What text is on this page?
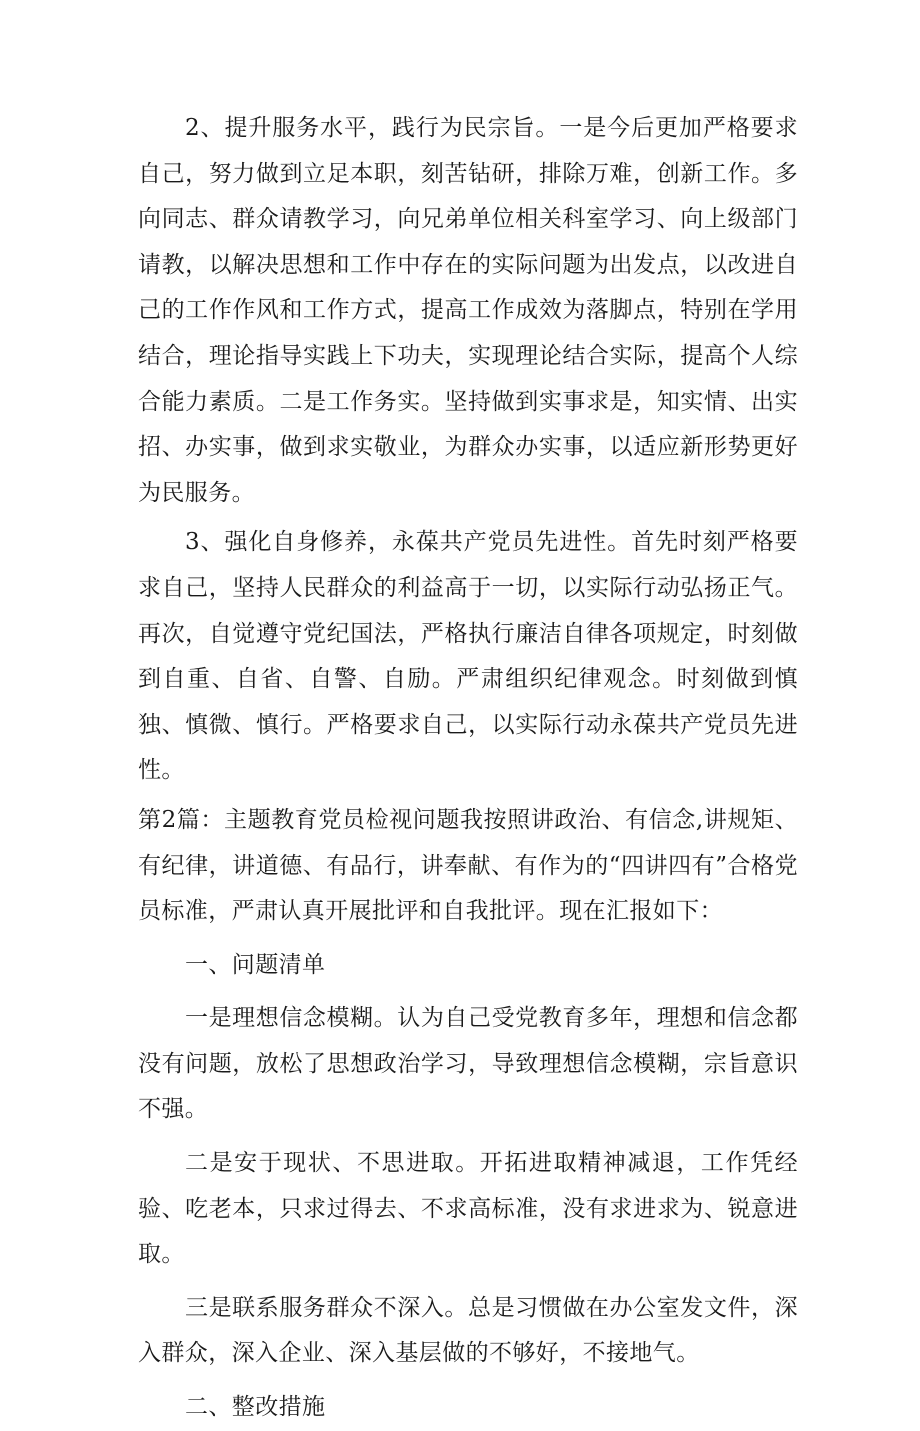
2、提升服务水平，践行为民宗旨。一是今后更加严格要求自己，努力做到立足本职，刻苦钻研，排除万难，创新工作。多向同志、群众请教学习，向兄弟单位相关科室学习、向上级部门请教，以解决思想和工作中存在的实际问题为出发点，以改进自己的工作作风和工作方式，提高工作成效为落脚点，特别在学用结合，理论指导实践上下功夫，实现理论结合实际，提高个人综合能力素质。二是工作务实。坚持做到实事求是，知实情、出实招、办实事，做到求实敬业，为群众办实事，以适应新形势更好为民服务。

3、强化自身修养，永葆共产党员先进性。首先时刻严格要求自己，坚持人民群众的利益高于一切，以实际行动弘扬正气。再次，自觉遵守党纪国法，严格执行廉洁自律各项规定，时刻做到自重、自省、自警、自励。严肃组织纪律观念。时刻做到慎独、慎微、慎行。严格要求自己，以实际行动永葆共产党员先进性。

第2篇：主题教育党员检视问题我按照讲政治、有信念,讲规矩、有纪律，讲道德、有品行，讲奉献、有作为的“四讲四有”合格党员标准，严肃认真开展批评和自我批评。现在汇报如下：

一、问题清单

一是理想信念模糊。认为自己受党教育多年，理想和信念都没有问题，放松了思想政治学习，导致理想信念模糊，宗旨意识不强。

二是安于现状、不思进取。开拓进取精神减退，工作凭经验、吃老本，只求过得去、不求高标准，没有求进求为、锐意进取。

三是联系服务群众不深入。总是习惯做在办公室发文件，深入群众，深入企业、深入基层做的不够好，不接地气。

二、整改措施
